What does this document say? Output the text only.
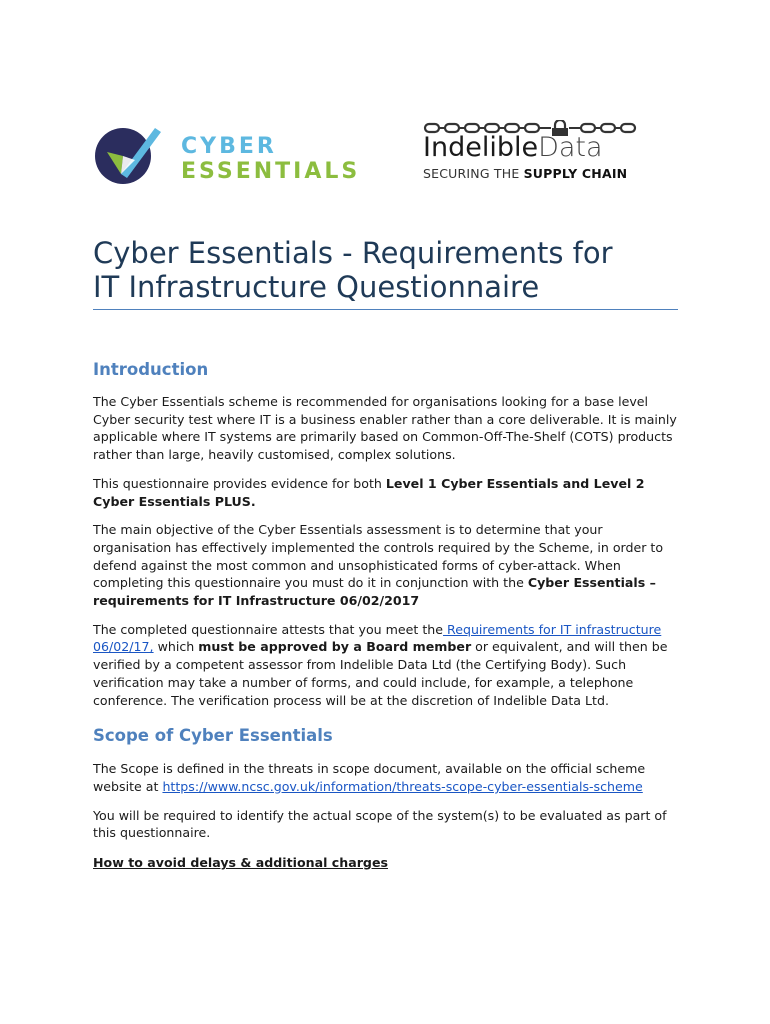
CYBER
ESSENTIALS
IndelibleData
SECURING THE SUPPLY CHAIN
Cyber Essentials - Requirements for
IT Infrastructure Questionnaire
Introduction

The Cyber Essentials scheme is recommended for organisations looking for a base level Cyber security test where IT is a business enabler rather than a core deliverable. It is mainly applicable where IT systems are primarily based on Common-Off-The-Shelf (COTS) products rather than large, heavily customised, complex solutions.

This questionnaire provides evidence for both Level 1 Cyber Essentials and Level 2 Cyber Essentials PLUS.

The main objective of the Cyber Essentials assessment is to determine that your organisation has effectively implemented the controls required by the Scheme, in order to defend against the most common and unsophisticated forms of cyber-attack. When completing this questionnaire you must do it in conjunction with the Cyber Essentials – requirements for IT Infrastructure 06/02/2017

The completed questionnaire attests that you meet the Requirements for IT infrastructure 06/02/17, which must be approved by a Board member or equivalent, and will then be verified by a competent assessor from Indelible Data Ltd (the Certifying Body). Such verification may take a number of forms, and could include, for example, a telephone conference. The verification process will be at the discretion of Indelible Data Ltd.

Scope of Cyber Essentials

The Scope is defined in the threats in scope document, available on the official scheme website at https://www.ncsc.gov.uk/information/threats-scope-cyber-essentials-scheme

You will be required to identify the actual scope of the system(s) to be evaluated as part of this questionnaire.

How to avoid delays & additional charges
